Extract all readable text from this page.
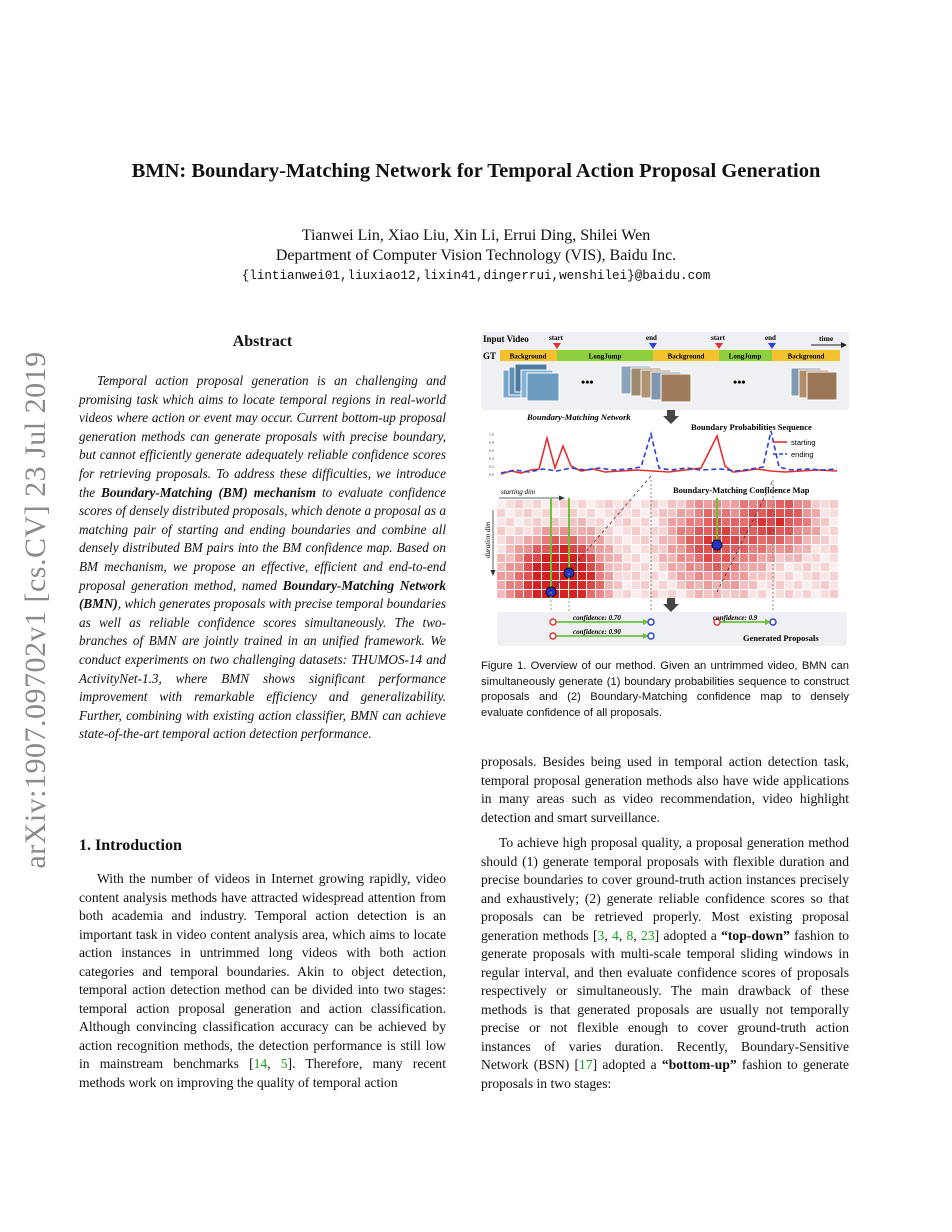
arXiv:1907.09702v1 [cs.CV] 23 Jul 2019
BMN: Boundary-Matching Network for Temporal Action Proposal Generation
Tianwei Lin, Xiao Liu, Xin Li, Errui Ding, Shilei Wen
Department of Computer Vision Technology (VIS), Baidu Inc.
{lintianwei01,liuxiao12,lixin41,dingerrui,wenshilei}@baidu.com
Abstract
Temporal action proposal generation is an challenging and promising task which aims to locate temporal regions in real-world videos where action or event may occur. Current bottom-up proposal generation methods can generate proposals with precise boundary, but cannot efficiently generate adequately reliable confidence scores for retrieving proposals. To address these difficulties, we introduce the Boundary-Matching (BM) mechanism to evaluate confidence scores of densely distributed proposals, which denote a proposal as a matching pair of starting and ending boundaries and combine all densely distributed BM pairs into the BM confidence map. Based on BM mechanism, we propose an effective, efficient and end-to-end proposal generation method, named Boundary-Matching Network (BMN), which generates proposals with precise temporal boundaries as well as reliable confidence scores simultaneously. The two-branches of BMN are jointly trained in an unified framework. We conduct experiments on two challenging datasets: THUMOS-14 and ActivityNet-1.3, where BMN shows significant performance improvement with remarkable efficiency and generalizability. Further, combining with existing action classifier, BMN can achieve state-of-the-art temporal action detection performance.
1. Introduction
With the number of videos in Internet growing rapidly, video content analysis methods have attracted widespread attention from both academia and industry. Temporal action detection is an important task in video content analysis area, which aims to locate action instances in untrimmed long videos with both action categories and temporal boundaries. Akin to object detection, temporal action detection method can be divided into two stages: temporal action proposal generation and action classification. Although convincing classification accuracy can be achieved by action recognition methods, the detection performance is still low in mainstream benchmarks [14, 5]. Therefore, many recent methods work on improving the quality of temporal action
Input Video	time
start	end	start	end
GT Background	LongJump	Background	LongJump	Background
•••	•••
Boundary-Matching Network
Boundary Probabilities Sequence
1.0
0.8
0.6
0.4
0.2
0.0
starting
ending
Boundary-Matching Confidence Map
starting dim
duration dim
confidence: 0.70
confidence: 0.90
confidence: 0.9
Generated Proposals
Figure 1. Overview of our method. Given an untrimmed video, BMN can simultaneously generate (1) boundary probabilities sequence to construct proposals and (2) Boundary-Matching confidence map to densely evaluate confidence of all proposals.
proposals. Besides being used in temporal action detection task, temporal proposal generation methods also have wide applications in many areas such as video recommendation, video highlight detection and smart surveillance.
To achieve high proposal quality, a proposal generation method should (1) generate temporal proposals with flexible duration and precise boundaries to cover ground-truth action instances precisely and exhaustively; (2) generate reliable confidence scores so that proposals can be retrieved properly. Most existing proposal generation methods [3, 4, 8, 23] adopted a “top-down” fashion to generate proposals with multi-scale temporal sliding windows in regular interval, and then evaluate confidence scores of proposals respectively or simultaneously. The main drawback of these methods is that generated proposals are usually not temporally precise or not flexible enough to cover ground-truth action instances of varies duration. Recently, Boundary-Sensitive Network (BSN) [17] adopted a “bottom-up” fashion to generate proposals in two stages:
